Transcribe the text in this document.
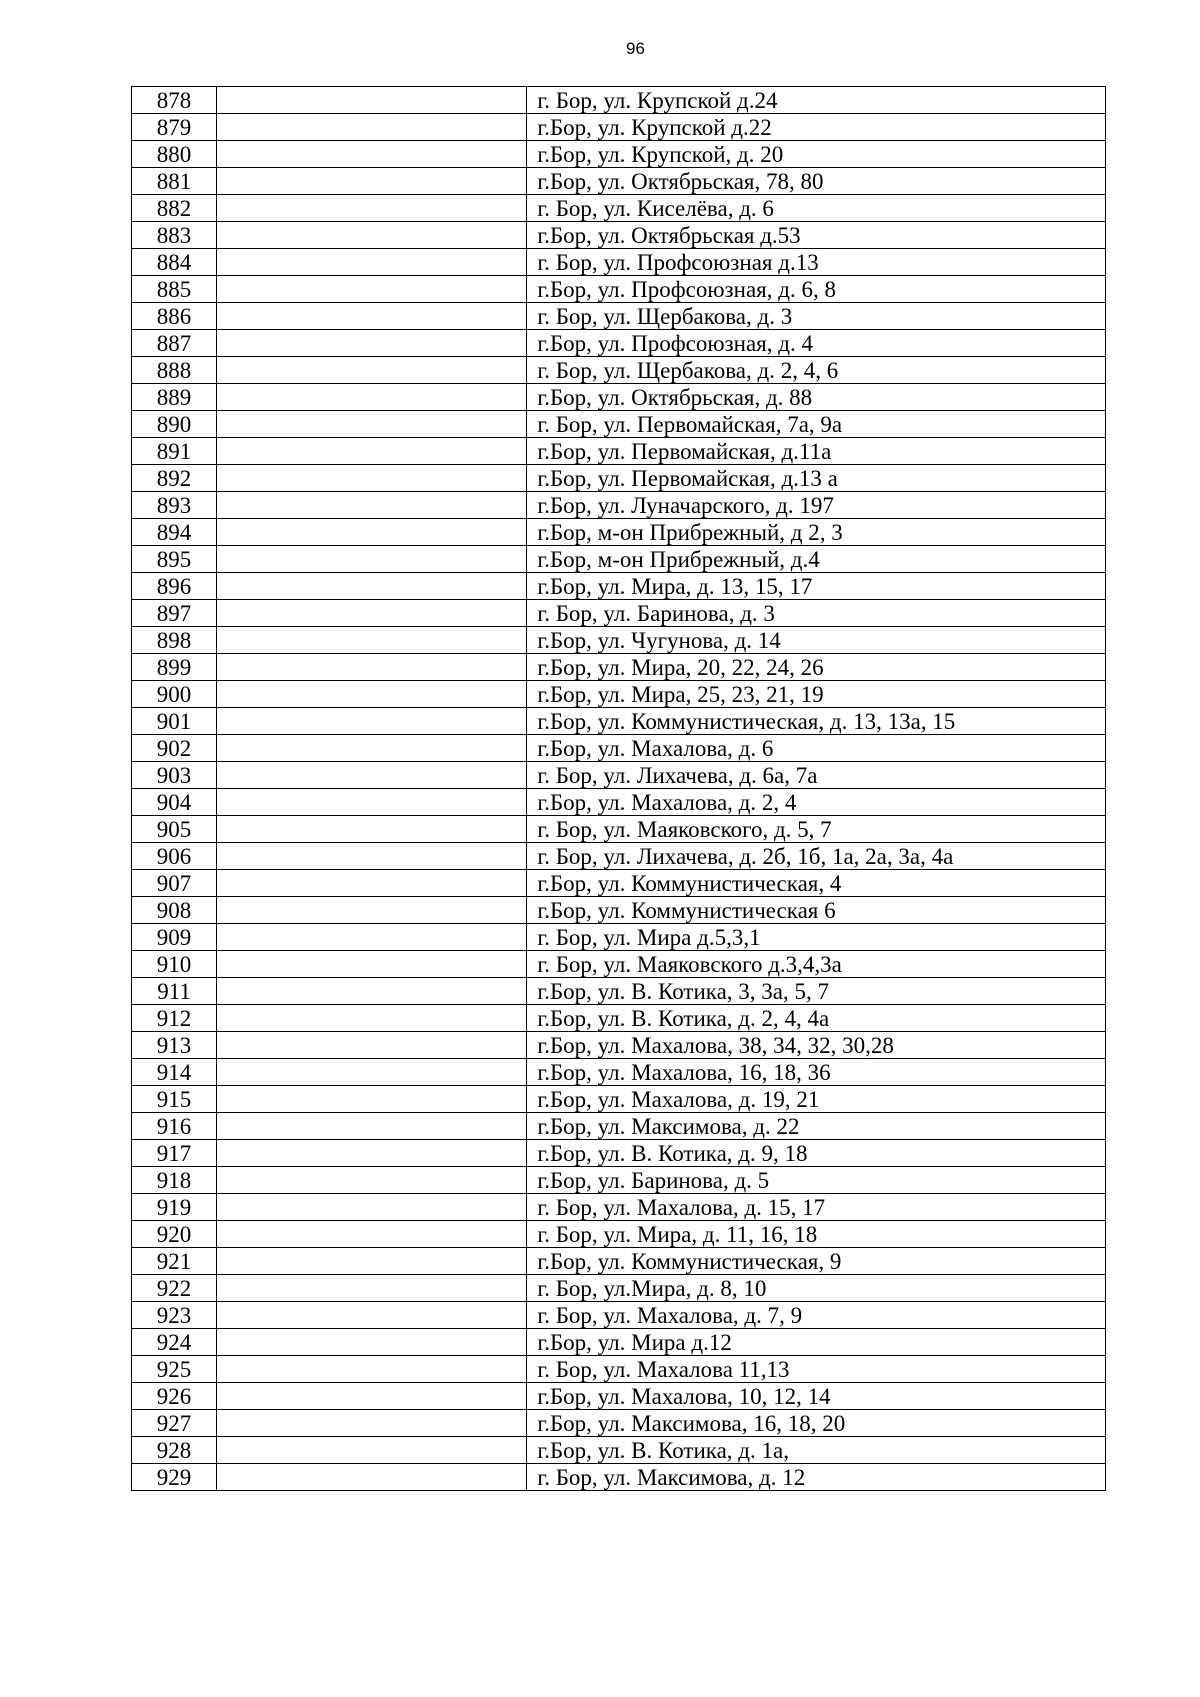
96
878		г. Бор, ул. Крупской д.24
879		г.Бор, ул. Крупской д.22
880		г.Бор, ул. Крупской, д. 20
881		г.Бор, ул. Октябрьская, 78, 80
882		г. Бор, ул. Киселёва, д. 6
883		г.Бор, ул. Октябрьская д.53
884		г. Бор, ул. Профсоюзная д.13
885		г.Бор, ул. Профсоюзная, д. 6, 8
886		г. Бор, ул. Щербакова, д. 3
887		г.Бор, ул. Профсоюзная, д. 4
888		г. Бор, ул. Щербакова, д. 2, 4, 6
889		г.Бор, ул. Октябрьская, д. 88
890		г. Бор, ул. Первомайская, 7а, 9а
891		г.Бор, ул. Первомайская, д.11а
892		г.Бор, ул. Первомайская, д.13 а
893		г.Бор, ул. Луначарского, д. 197
894		г.Бор, м-он Прибрежный, д 2, 3
895		г.Бор, м-он Прибрежный, д.4
896		г.Бор, ул. Мира, д. 13, 15, 17
897		г. Бор, ул. Баринова, д. 3
898		г.Бор, ул. Чугунова, д. 14
899		г.Бор, ул. Мира, 20, 22, 24, 26
900		г.Бор, ул. Мира, 25, 23, 21, 19
901		г.Бор, ул. Коммунистическая, д. 13, 13а, 15
902		г.Бор, ул. Махалова, д. 6
903		г. Бор, ул. Лихачева, д. 6а, 7а
904		г.Бор, ул. Махалова, д. 2, 4
905		г. Бор, ул. Маяковского, д. 5, 7
906		г. Бор, ул. Лихачева, д. 2б, 1б, 1а, 2а, 3а, 4а
907		г.Бор, ул. Коммунистическая, 4
908		г.Бор, ул. Коммунистическая 6
909		г. Бор, ул. Мира д.5,3,1
910		г. Бор, ул. Маяковского д.3,4,3а
911		г.Бор, ул. В. Котика, 3, 3а, 5, 7
912		г.Бор, ул. В. Котика, д. 2, 4, 4а
913		г.Бор, ул. Махалова, 38, 34, 32, 30,28
914		г.Бор, ул. Махалова, 16, 18, 36
915		г.Бор, ул. Махалова, д. 19, 21
916		г.Бор, ул. Максимова, д. 22
917		г.Бор, ул. В. Котика, д. 9, 18
918		г.Бор, ул. Баринова, д. 5
919		г. Бор, ул. Махалова, д. 15, 17
920		г. Бор, ул. Мира, д. 11, 16, 18
921		г.Бор, ул. Коммунистическая, 9
922		г. Бор, ул.Мира, д. 8, 10
923		г. Бор, ул. Махалова, д. 7, 9
924		г.Бор, ул. Мира д.12
925		г. Бор, ул. Махалова 11,13
926		г.Бор, ул. Махалова, 10, 12, 14
927		г.Бор, ул. Максимова, 16, 18, 20
928		г.Бор, ул. В. Котика, д. 1а,
929		г. Бор, ул. Максимова, д. 12
